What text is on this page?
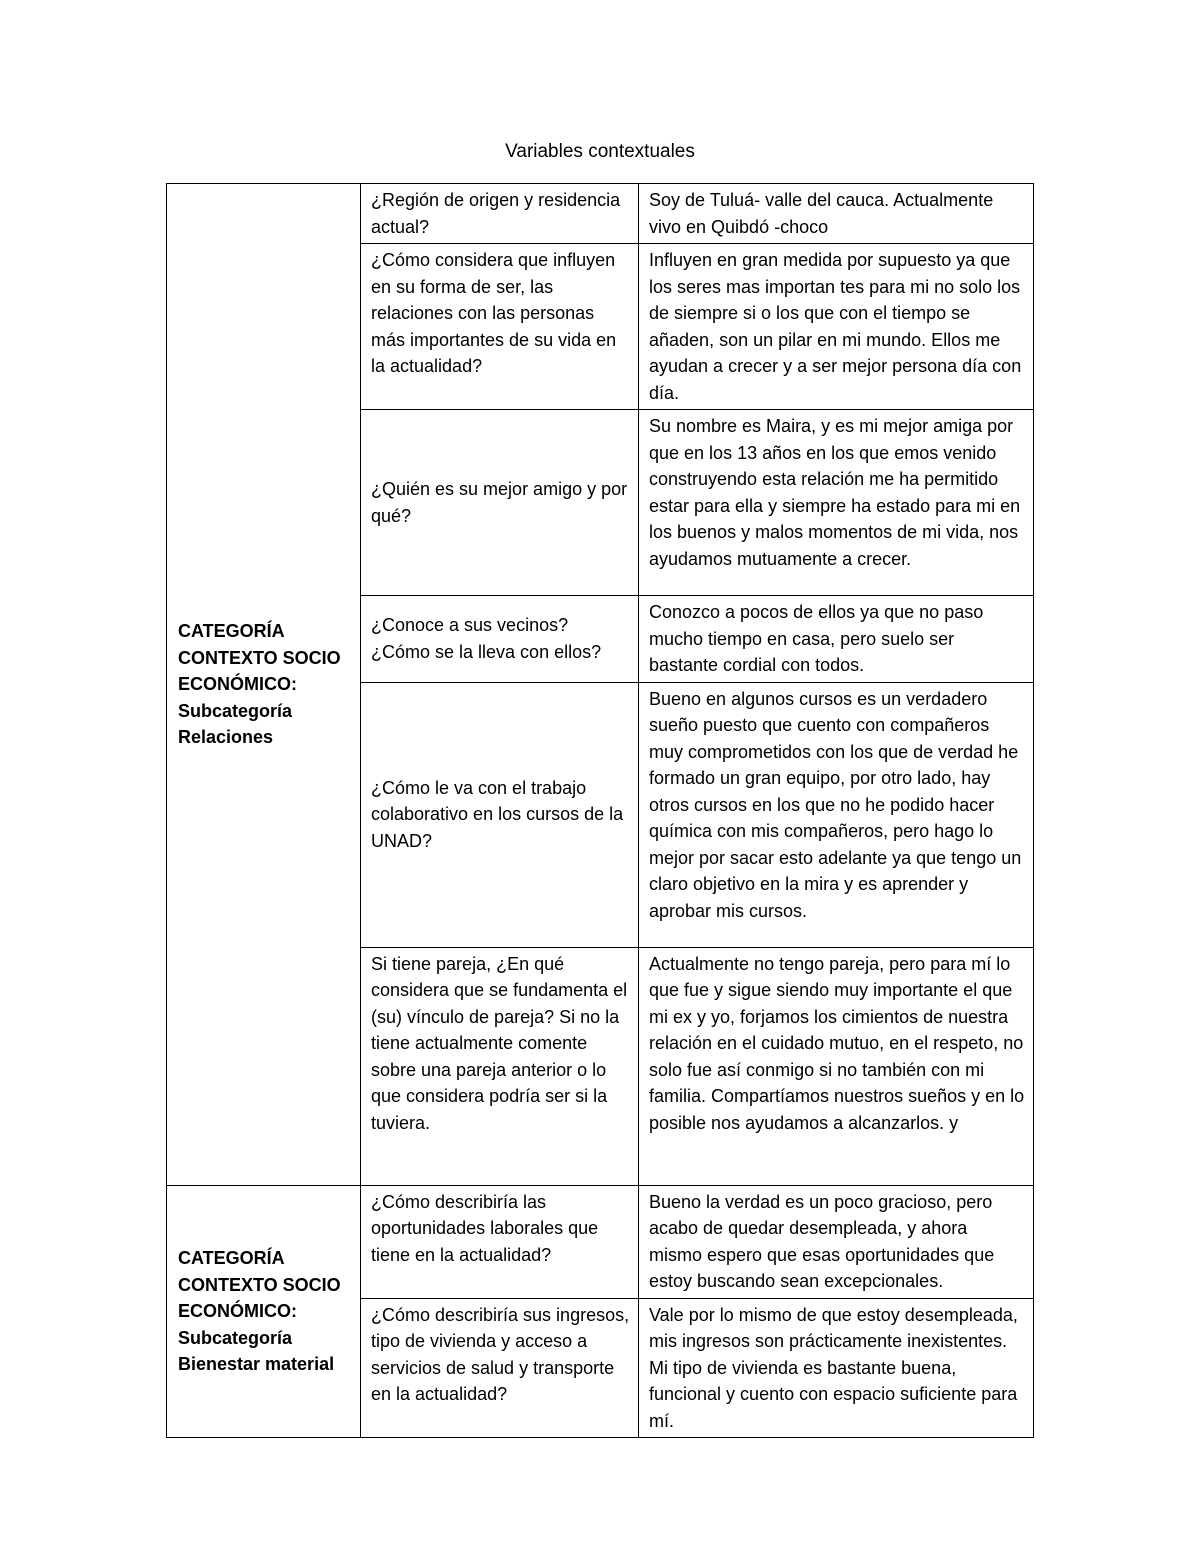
Variables contextuales
CATEGORÍA
CONTEXTO SOCIO
ECONÓMICO:
Subcategoría
Relaciones	¿Región de origen y residencia actual?	Soy de Tuluá- valle del cauca. Actualmente vivo en Quibdó -choco
	¿Cómo considera que influyen en su forma de ser, las relaciones con las personas más importantes de su vida en la actualidad?	Influyen en gran medida por supuesto ya que los seres mas importan tes para mi no solo los de siempre si o los que con el tiempo se añaden, son un pilar en mi mundo. Ellos me ayudan a crecer y a ser mejor persona día con día.
	¿Quién es su mejor amigo y por qué?	Su nombre es Maira, y es mi mejor amiga por que en los 13 años en los que emos venido construyendo esta relación me ha permitido estar para ella y siempre ha estado para mi en los buenos y malos momentos de mi vida, nos ayudamos mutuamente a crecer.
	¿Conoce a sus vecinos? ¿Cómo se la lleva con ellos?	Conozco a pocos de ellos ya que no paso mucho tiempo en casa, pero suelo ser bastante cordial con todos.
	¿Cómo le va con el trabajo colaborativo en los cursos de la UNAD?	Bueno en algunos cursos es un verdadero sueño puesto que cuento con compañeros muy comprometidos con los que de verdad he formado un gran equipo, por otro lado, hay otros cursos en los que no he podido hacer química con mis compañeros, pero hago lo mejor por sacar esto adelante ya que tengo un claro objetivo en la mira y es aprender y aprobar mis cursos.
	Si tiene pareja, ¿En qué considera que se fundamenta el (su) vínculo de pareja? Si no la tiene actualmente comente sobre una pareja anterior o lo que considera podría ser si la tuviera.	Actualmente no tengo pareja, pero para mí lo que fue y sigue siendo muy importante el que mi ex y yo, forjamos los cimientos de nuestra relación en el cuidado mutuo, en el respeto, no solo fue así conmigo si no también con mi familia. Compartíamos nuestros sueños y en lo posible nos ayudamos a alcanzarlos. y

CATEGORÍA
CONTEXTO SOCIO
ECONÓMICO:
Subcategoría
Bienestar material	¿Cómo describiría las oportunidades laborales que tiene en la actualidad?	Bueno la verdad es un poco gracioso, pero acabo de quedar desempleada, y ahora mismo espero que esas oportunidades que estoy buscando sean excepcionales.
	¿Cómo describiría sus ingresos, tipo de vivienda y acceso a servicios de salud y transporte en la actualidad?	Vale por lo mismo de que estoy desempleada, mis ingresos son prácticamente inexistentes. Mi tipo de vivienda es bastante buena, funcional y cuento con espacio suficiente para mí.
